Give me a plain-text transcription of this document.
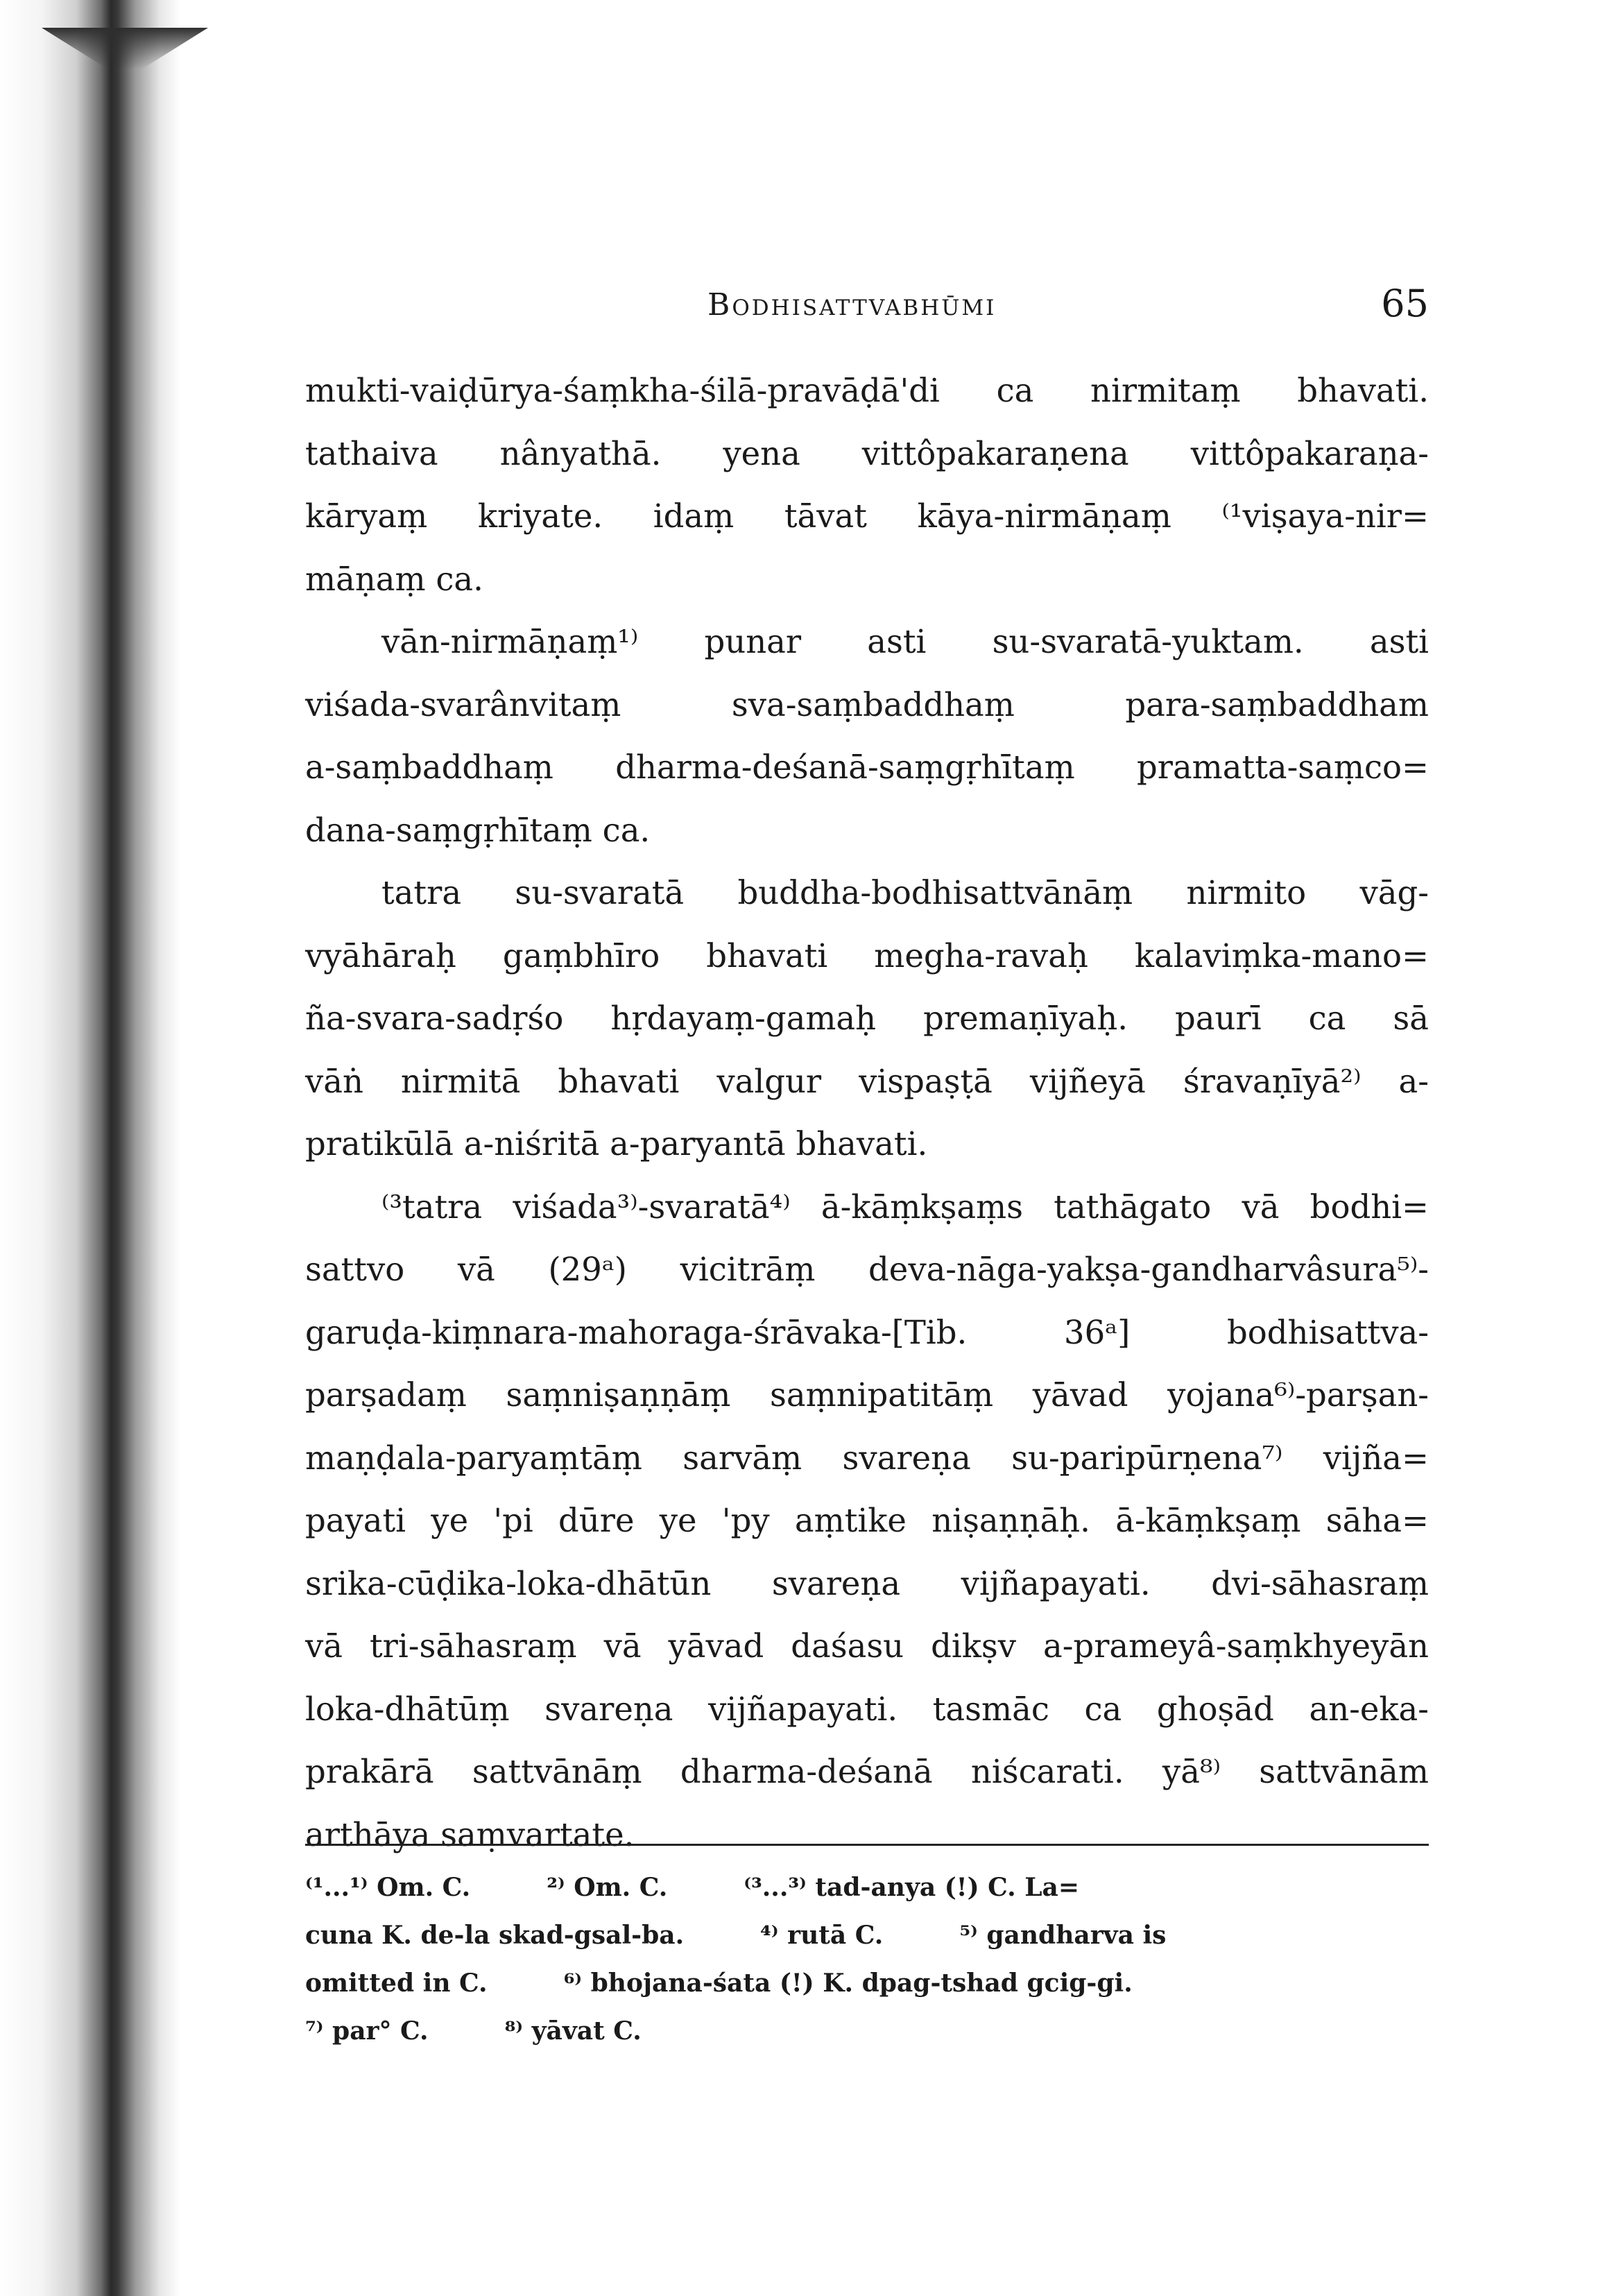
Bodhisattvabhūmi	65
mukti-vaiḍūrya-śaṃkha-śilā-pravāḍā'di ca nirmitaṃ bhavati.
tathaiva nânyathā. yena vittôpakaraṇena vittôpakaraṇa-
kāryaṃ kriyate. idaṃ tāvat kāya-nirmāṇaṃ ⁽¹viṣaya-nir=
māṇaṃ ca.
vān-nirmāṇaṃ¹⁾ punar asti su-svaratā-yuktam. asti
viśada-svarânvitaṃ sva-saṃbaddhaṃ para-saṃbaddham
a-saṃbaddhaṃ dharma-deśanā-saṃgṛhītaṃ pramatta-saṃco=
dana-saṃgṛhītaṃ ca.
tatra su-svaratā buddha-bodhisattvānāṃ nirmito vāg-
vyāhāraḥ gaṃbhīro bhavati megha-ravaḥ kalaviṃka-mano=
ña-svara-sadṛśo hṛdayaṃ-gamaḥ premaṇīyaḥ. paurī ca sā
vāṅ nirmitā bhavati valgur vispaṣṭā vijñeyā śravaṇīyā²⁾ a-
pratikūlā a-niśritā a-paryantā bhavati.
⁽³tatra viśada³⁾-svaratā⁴⁾ ā-kāṃkṣaṃs tathāgato vā bodhi=
sattvo vā (29ᵃ) vicitrāṃ deva-nāga-yakṣa-gandharvâsura⁵⁾-
garuḍa-kiṃnara-mahoraga-śrāvaka-[Tib. 36ᵃ] bodhisattva-
parṣadaṃ saṃniṣaṇṇāṃ saṃnipatitāṃ yāvad yojana⁶⁾-parṣan-
maṇḍala-paryaṃtāṃ sarvāṃ svareṇa su-paripūrṇena⁷⁾ vijña=
payati ye 'pi dūre ye 'py aṃtike niṣaṇṇāḥ. ā-kāṃkṣaṃ sāha=
srika-cūḍika-loka-dhātūn svareṇa vijñapayati. dvi-sāhasraṃ
vā tri-sāhasraṃ vā yāvad daśasu dikṣv a-prameyâ-saṃkhyeyān
loka-dhātūṃ svareṇa vijñapayati. tasmāc ca ghoṣād an-eka-
prakārā sattvānāṃ dharma-deśanā niścarati. yā⁸⁾ sattvānām
arthāya saṃvartate.
⁽¹...¹⁾ Om. C.	²⁾ Om. C.	⁽³...³⁾ tad-anya (!) C. La=
cuna K. de-la skad-gsal-ba.	⁴⁾ rutā C.	⁵⁾ gandharva is
omitted in C.	⁶⁾ bhojana-śata (!) K. dpag-tshad gcig-gi.
⁷⁾ par° C.	⁸⁾ yāvat C.
